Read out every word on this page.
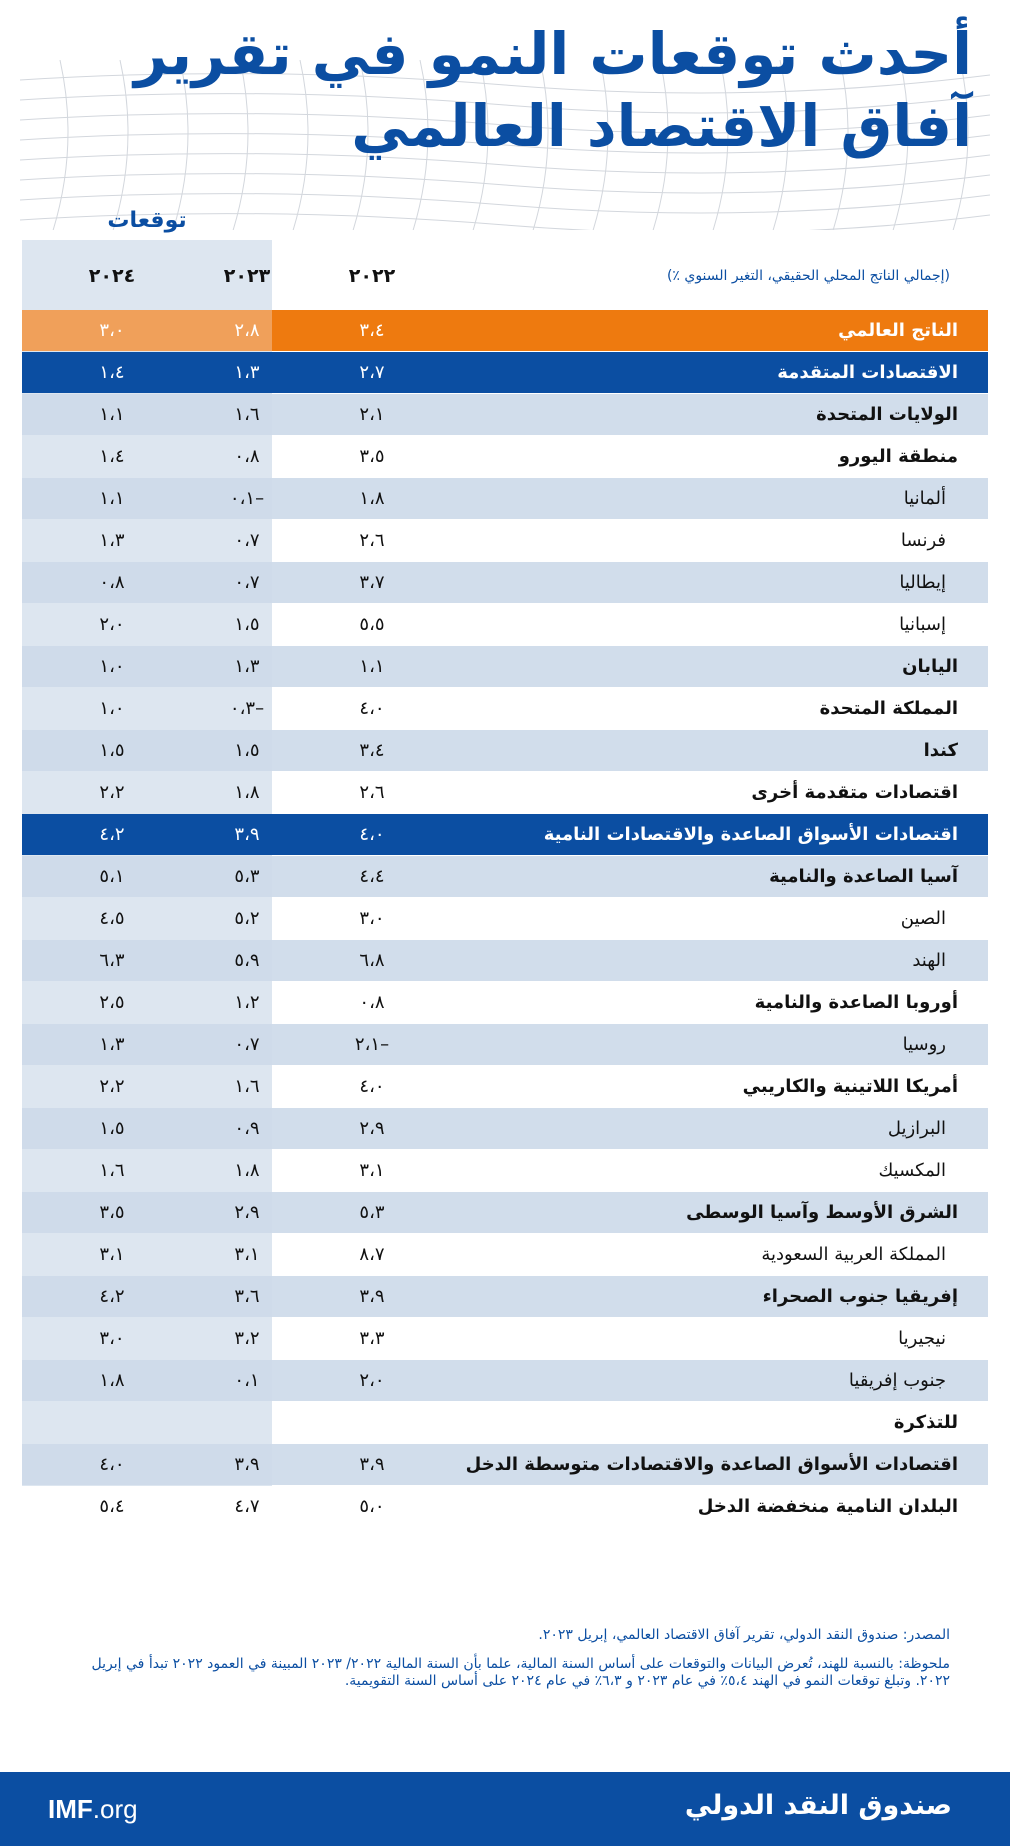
أحدث توقعات النمو في تقرير
آفاق الاقتصاد العالمي
توقعات
٢٠٢٤	٢٠٢٣	٢٠٢٢	(إجمالي الناتج المحلي الحقيقي، التغير السنوي ٪)
٣،٠	٢،٨	٣،٤	الناتج العالمي
١،٤	١،٣	٢،٧	الاقتصادات المتقدمة
١،١	١،٦	٢،١	الولايات المتحدة
١،٤	٠،٨	٣،٥	منطقة اليورو
١،١	–٠،١	١،٨	ألمانيا
١،٣	٠،٧	٢،٦	فرنسا
٠،٨	٠،٧	٣،٧	إيطاليا
٢،٠	١،٥	٥،٥	إسبانيا
١،٠	١،٣	١،١	اليابان
١،٠	–٠،٣	٤،٠	المملكة المتحدة
١،٥	١،٥	٣،٤	كندا
٢،٢	١،٨	٢،٦	اقتصادات متقدمة أخرى
٤،٢	٣،٩	٤،٠	اقتصادات الأسواق الصاعدة والاقتصادات النامية
٥،١	٥،٣	٤،٤	آسيا الصاعدة والنامية
٤،٥	٥،٢	٣،٠	الصين
٦،٣	٥،٩	٦،٨	الهند
٢،٥	١،٢	٠،٨	أوروبا الصاعدة والنامية
١،٣	٠،٧	–٢،١	روسيا
٢،٢	١،٦	٤،٠	أمريكا اللاتينية والكاريبي
١،٥	٠،٩	٢،٩	البرازيل
١،٦	١،٨	٣،١	المكسيك
٣،٥	٢،٩	٥،٣	الشرق الأوسط وآسيا الوسطى
٣،١	٣،١	٨،٧	المملكة العربية السعودية
٤،٢	٣،٦	٣،٩	إفريقيا جنوب الصحراء
٣،٠	٣،٢	٣،٣	نيجيريا
١،٨	٠،١	٢،٠	جنوب إفريقيا
للتذكرة
٤،٠	٣،٩	٣،٩	اقتصادات الأسواق الصاعدة والاقتصادات متوسطة الدخل
٥،٤	٤،٧	٥،٠	البلدان النامية منخفضة الدخل

المصدر: صندوق النقد الدولي، تقرير آفاق الاقتصاد العالمي، إبريل ٢٠٢٣.

ملحوظة: بالنسبة للهند، تُعرض البيانات والتوقعات على أساس السنة المالية، علما بأن السنة المالية ٢٠٢٢/ ٢٠٢٣ المبينة في العمود ٢٠٢٢ تبدأ في إبريل ٢٠٢٢. وتبلغ توقعات النمو في الهند ٥،٤٪ في عام ٢٠٢٣ و ٦،٣٪ في عام ٢٠٢٤ على أساس السنة التقويمية.

IMF.org	صندوق النقد الدولي
